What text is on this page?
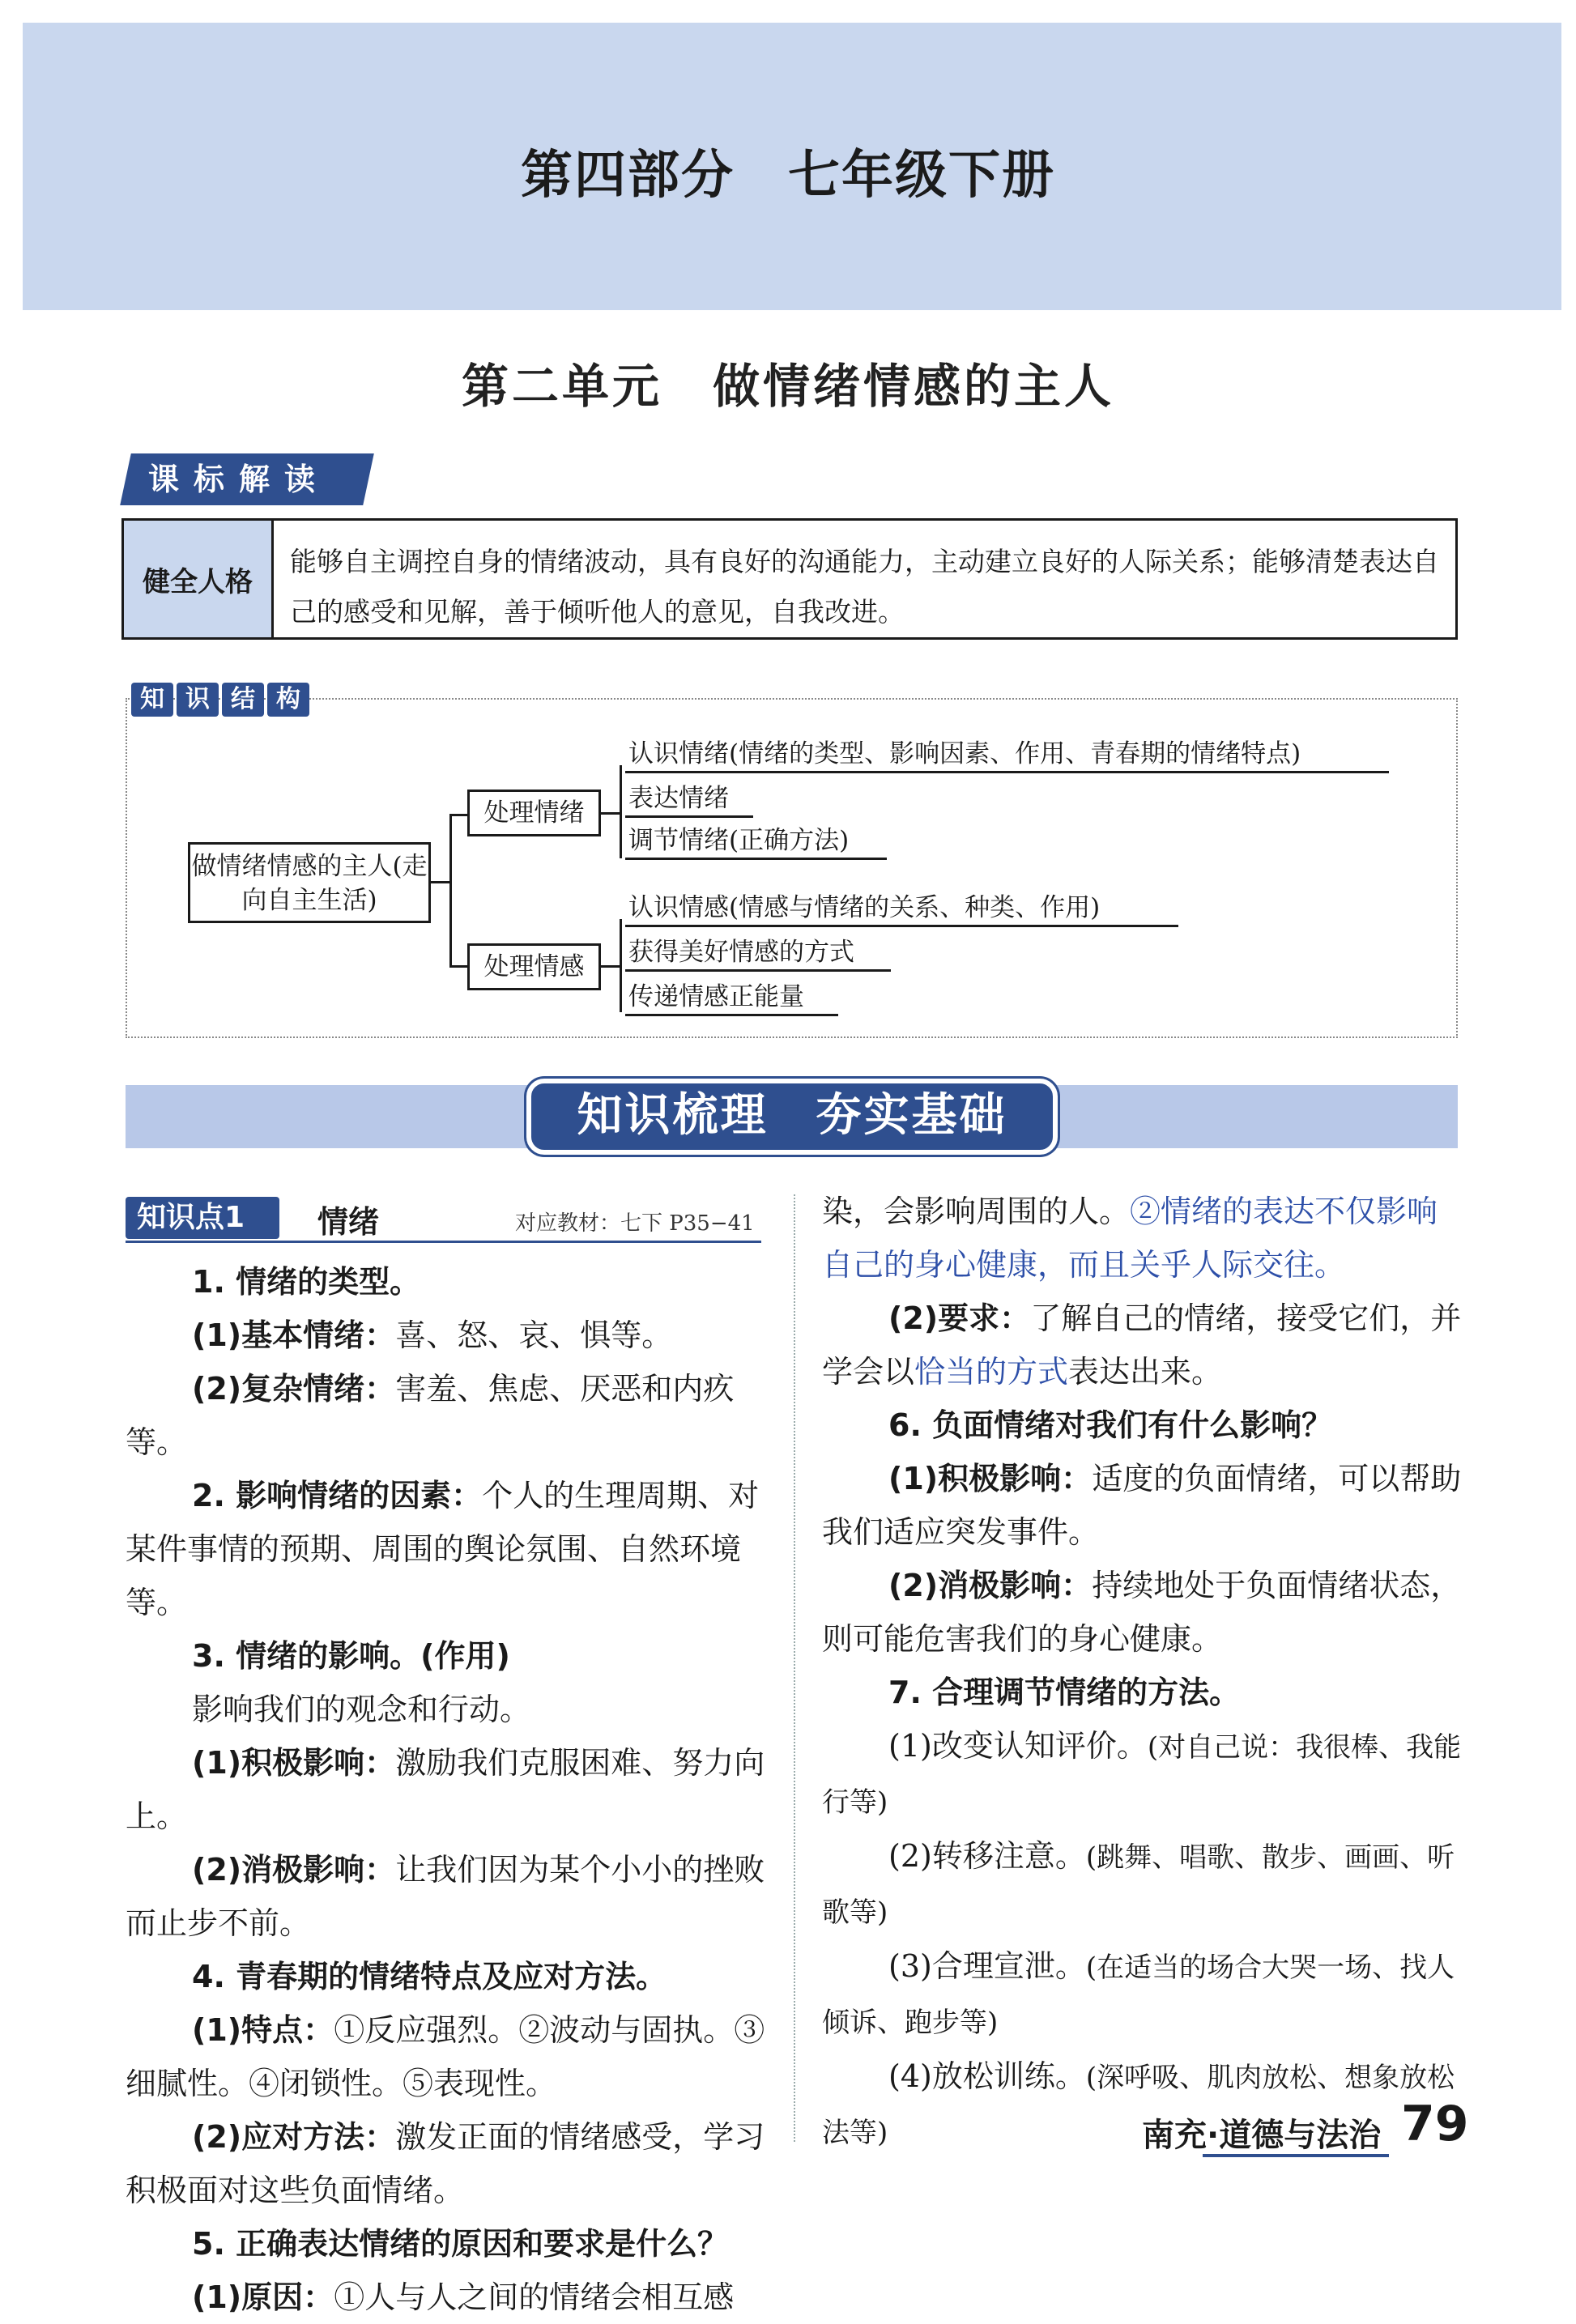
第四部分　七年级下册
第二单元　做情绪情感的主人
课标解读
健全人格
能够自主调控自身的情绪波动，具有良好的沟通能力，主动建立良好的人际关系；能够清楚表达自己的感受和见解，善于倾听他人的意见，自我改进。
知 识 结 构
做情绪情感的主人(走向自主生活)
处理情绪
认识情绪(情绪的类型、影响因素、作用、青春期的情绪特点)
表达情绪
调节情绪(正确方法)
处理情感
认识情感(情感与情绪的关系、种类、作用)
获得美好情感的方式
传递情感正能量
知识梳理　夯实基础
知识点1	情绪	对应教材：七下 P35−41

1. 情绪的类型。

(1)基本情绪：喜、怒、哀、惧等。

(2)复杂情绪：害羞、焦虑、厌恶和内疚等。

2. 影响情绪的因素：个人的生理周期、对某件事情的预期、周围的舆论氛围、自然环境等。

3. 情绪的影响。(作用)

影响我们的观念和行动。

(1)积极影响：激励我们克服困难、努力向上。

(2)消极影响：让我们因为某个小小的挫败而止步不前。

4. 青春期的情绪特点及应对方法。

(1)特点：①反应强烈。②波动与固执。③细腻性。④闭锁性。⑤表现性。

(2)应对方法：激发正面的情绪感受，学习积极面对这些负面情绪。

5. 正确表达情绪的原因和要求是什么？

(1)原因：①人与人之间的情绪会相互感

染，会影响周围的人。②情绪的表达不仅影响自己的身心健康，而且关乎人际交往。

(2)要求：了解自己的情绪，接受它们，并学会以恰当的方式表达出来。

6. 负面情绪对我们有什么影响？

(1)积极影响：适度的负面情绪，可以帮助我们适应突发事件。

(2)消极影响：持续地处于负面情绪状态，则可能危害我们的身心健康。

7. 合理调节情绪的方法。

(1)改变认知评价。(对自己说：我很棒、我能行等)

(2)转移注意。(跳舞、唱歌、散步、画画、听歌等)

(3)合理宣泄。(在适当的场合大哭一场、找人倾诉、跑步等)

(4)放松训练。(深呼吸、肌肉放松、想象放松法等)	南充·道德与法治 79
